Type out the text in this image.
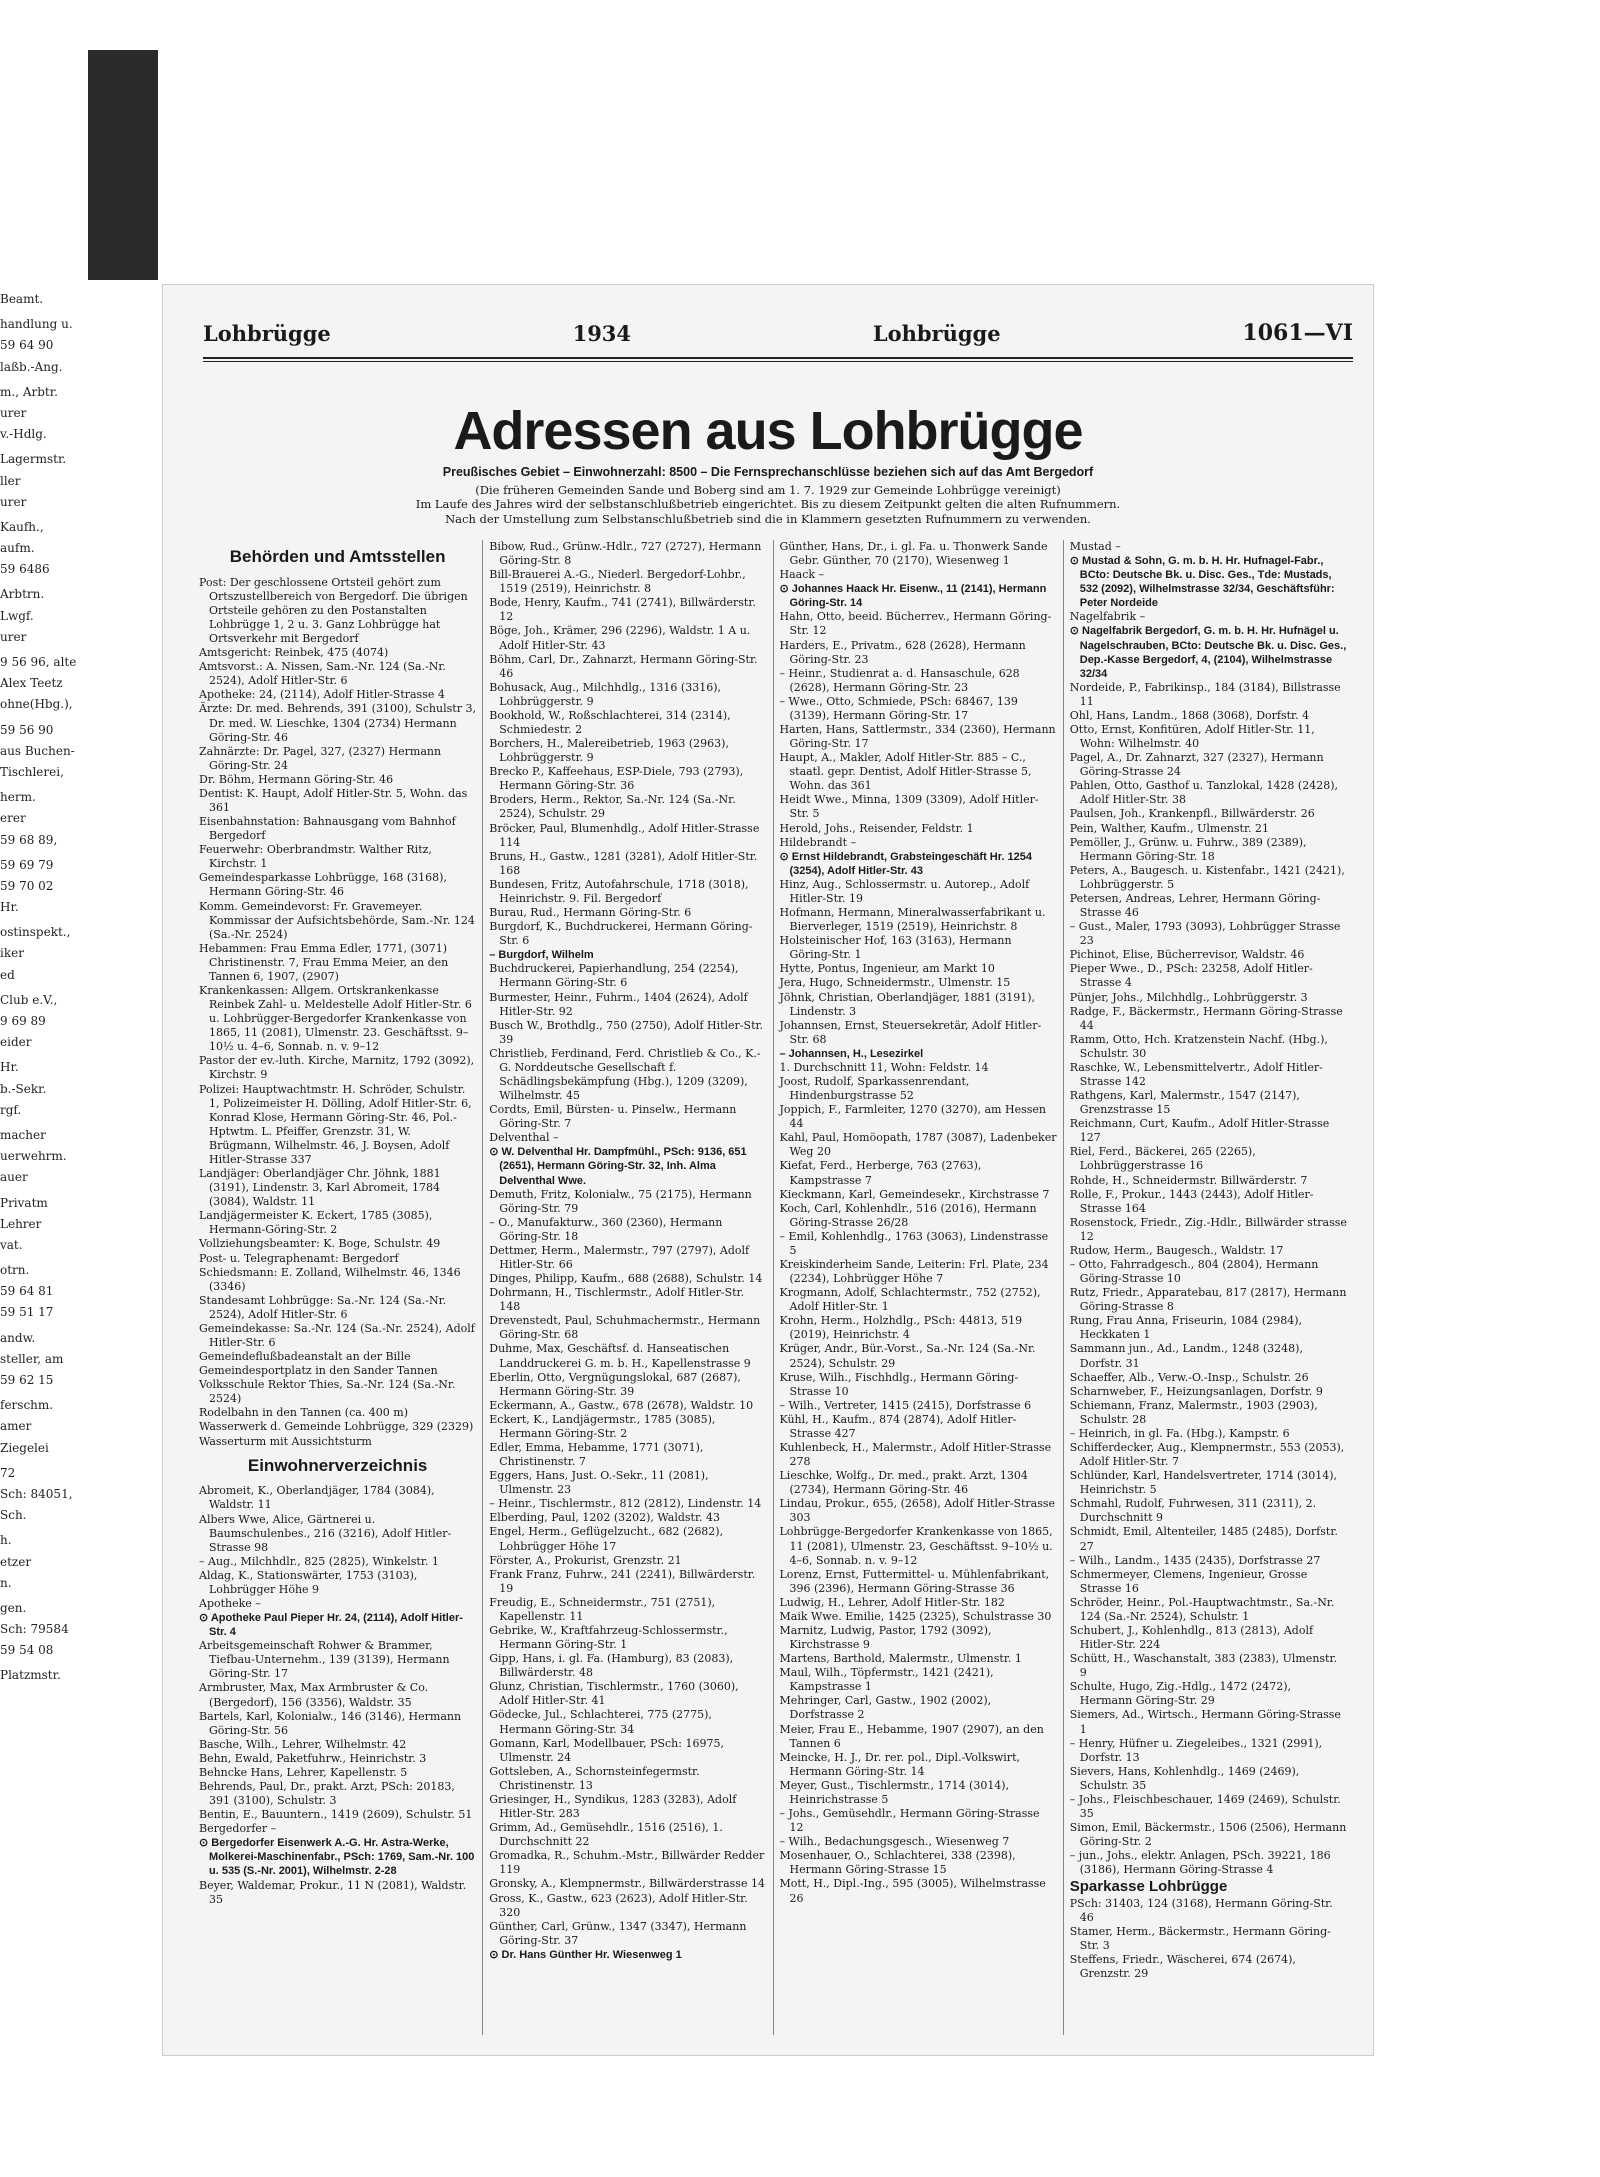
Beamt.
handlung u.
59 64 90
laßb.-Ang.
m., Arbtr.
urer
v.-Hdlg.
Lagermstr.
ller
urer
Kaufh.,
aufm.
59 6486
Arbtrn.
Lwgf.
urer
9 56 96, alte
Alex Teetz
ohne(Hbg.),
59 56 90
aus Buchen-
Tischlerei,
herm.
erer
59 68 89,
59 69 79
59 70 02
Hr.
ostinspekt.,
iker
ed
Club e.V.,
9 69 89
eider
Hr.
b.-Sekr.
rgf.
macher
uerwehrm.
auer
Privatm
Lehrer
vat.
otrn.
59 64 81
59 51 17
andw.
steller, am
59 62 15
ferschm.
amer
Ziegelei
72
Sch: 84051,
Sch.
h.
etzer
n.
gen.
Sch: 79584
59 54 08
Platzmstr.
Lohbrügge	1934	Lohbrügge	1061—VI
Adressen aus Lohbrügge
Preußisches Gebiet – Einwohnerzahl: 8500 – Die Fernsprechanschlüsse beziehen sich auf das Amt Bergedorf
(Die früheren Gemeinden Sande und Boberg sind am 1. 7. 1929 zur Gemeinde Lohbrügge vereinigt)
Im Laufe des Jahres wird der selbstanschlußbetrieb eingerichtet. Bis zu diesem Zeitpunkt gelten die alten Rufnummern.
Nach der Umstellung zum Selbstanschlußbetrieb sind die in Klammern gesetzten Rufnummern zu verwenden.
Behörden und Amtsstellen

Post: Der geschlossene Ortsteil gehört zum Ortszustellbereich von Bergedorf. Die übrigen Ortsteile gehören zu den Postanstalten Lohbrügge 1, 2 u. 3. Ganz Lohbrügge hat Ortsverkehr mit Bergedorf

Amtsgericht: Reinbek, 475 (4074)

Amtsvorst.: A. Nissen, Sam.-Nr. 124 (Sa.-Nr. 2524), Adolf Hitler-Str. 6

Apotheke: 24, (2114), Adolf Hitler-Strasse 4

Ärzte: Dr. med. Behrends, 391 (3100), Schulstr 3, Dr. med. W. Lieschke, 1304 (2734) Hermann Göring-Str. 46

Zahnärzte: Dr. Pagel, 327, (2327) Hermann Göring-Str. 24

Dr. Böhm, Hermann Göring-Str. 46

Dentist: K. Haupt, Adolf Hitler-Str. 5, Wohn. das 361

Eisenbahnstation: Bahnausgang vom Bahnhof Bergedorf

Feuerwehr: Oberbrandmstr. Walther Ritz, Kirchstr. 1

Gemeindesparkasse Lohbrügge, 168 (3168), Hermann Göring-Str. 46

Komm. Gemeindevorst: Fr. Gravemeyer. Kommissar der Aufsichtsbehörde, Sam.-Nr. 124 (Sa.-Nr. 2524)

Hebammen: Frau Emma Edler, 1771, (3071) Christinenstr. 7, Frau Emma Meier, an den Tannen 6, 1907, (2907)

Krankenkassen: Allgem. Ortskrankenkasse Reinbek Zahl- u. Meldestelle Adolf Hitler-Str. 6 u. Lohbrügger-Bergedorfer Krankenkasse von 1865, 11 (2081), Ulmenstr. 23. Geschäftsst. 9–10½ u. 4–6, Sonnab. n. v. 9–12

Pastor der ev.-luth. Kirche, Marnitz, 1792 (3092), Kirchstr. 9

Polizei: Hauptwachtmstr. H. Schröder, Schulstr. 1, Polizeimeister H. Dölling, Adolf Hitler-Str. 6, Konrad Klose, Hermann Göring-Str. 46, Pol.-Hptwtm. L. Pfeiffer, Grenzstr. 31, W. Brügmann, Wilhelmstr. 46, J. Boysen, Adolf Hitler-Strasse 337

Landjäger: Oberlandjäger Chr. Jöhnk, 1881 (3191), Lindenstr. 3, Karl Abromeit, 1784 (3084), Waldstr. 11

Landjägermeister K. Eckert, 1785 (3085), Hermann-Göring-Str. 2

Vollziehungsbeamter: K. Boge, Schulstr. 49

Post- u. Telegraphenamt: Bergedorf

Schiedsmann: E. Zolland, Wilhelmstr. 46, 1346 (3346)

Standesamt Lohbrügge: Sa.-Nr. 124 (Sa.-Nr. 2524), Adolf Hitler-Str. 6

Gemeindekasse: Sa.-Nr. 124 (Sa.-Nr. 2524), Adolf Hitler-Str. 6

Gemeindeflußbadeanstalt an der Bille

Gemeindesportplatz in den Sander Tannen

Volksschule Rektor Thies, Sa.-Nr. 124 (Sa.-Nr. 2524)

Rodelbahn in den Tannen (ca. 400 m)

Wasserwerk d. Gemeinde Lohbrügge, 329 (2329)

Wasserturm mit Aussichtsturm

Einwohnerverzeichnis

Abromeit, K., Oberlandjäger, 1784 (3084), Waldstr. 11

Albers Wwe, Alice, Gärtnerei u. Baumschulenbes., 216 (3216), Adolf Hitler-Strasse 98

– Aug., Milchhdlr., 825 (2825), Winkelstr. 1

Aldag, K., Stationswärter, 1753 (3103), Lohbrügger Höhe 9

Apotheke –

⊙ Apotheke Paul Pieper Hr. 24, (2114), Adolf Hitler-Str. 4

Arbeitsgemeinschaft Rohwer & Brammer, Tiefbau-Unternehm., 139 (3139), Hermann Göring-Str. 17

Armbruster, Max, Max Armbruster & Co. (Bergedorf), 156 (3356), Waldstr. 35

Bartels, Karl, Kolonialw., 146 (3146), Hermann Göring-Str. 56

Basche, Wilh., Lehrer, Wilhelmstr. 42

Behn, Ewald, Paketfuhrw., Heinrichstr. 3

Behncke Hans, Lehrer, Kapellenstr. 5

Behrends, Paul, Dr., prakt. Arzt, PSch: 20183, 391 (3100), Schulstr. 3

Bentin, E., Bauuntern., 1419 (2609), Schulstr. 51

Bergedorfer –

⊙ Bergedorfer Eisenwerk A.-G. Hr. Astra-Werke, Molkerei-Maschinenfabr., PSch: 1769, Sam.-Nr. 100 u. 535 (S.-Nr. 2001), Wilhelmstr. 2-28

Beyer, Waldemar, Prokur., 11 N (2081), Waldstr. 35

Bibow, Rud., Grünw.-Hdlr., 727 (2727), Hermann Göring-Str. 8

Bill-Brauerei A.-G., Niederl. Bergedorf-Lohbr., 1519 (2519), Heinrichstr. 8

Bode, Henry, Kaufm., 741 (2741), Billwärderstr. 12

Böge, Joh., Krämer, 296 (2296), Waldstr. 1 A u. Adolf Hitler-Str. 43

Böhm, Carl, Dr., Zahnarzt, Hermann Göring-Str. 46

Bohusack, Aug., Milchhdlg., 1316 (3316), Lohbrüggerstr. 9

Bookhold, W., Roßschlachterei, 314 (2314), Schmiedestr. 2

Borchers, H., Malereibetrieb, 1963 (2963), Lohbrüggerstr. 9

Brecko P., Kaffeehaus, ESP-Diele, 793 (2793), Hermann Göring-Str. 36

Broders, Herm., Rektor, Sa.-Nr. 124 (Sa.-Nr. 2524), Schulstr. 29

Bröcker, Paul, Blumenhdlg., Adolf Hitler-Strasse 114

Bruns, H., Gastw., 1281 (3281), Adolf Hitler-Str. 168

Bundesen, Fritz, Autofahrschule, 1718 (3018), Heinrichstr. 9. Fil. Bergedorf

Burau, Rud., Hermann Göring-Str. 6

Burgdorf, K., Buchdruckerei, Hermann Göring-Str. 6

– Burgdorf, Wilhelm

Buchdruckerei, Papierhandlung, 254 (2254), Hermann Göring-Str. 6

Burmester, Heinr., Fuhrm., 1404 (2624), Adolf Hitler-Str. 92

Busch W., Brothdlg., 750 (2750), Adolf Hitler-Str. 39

Christlieb, Ferdinand, Ferd. Christlieb & Co., K.-G. Norddeutsche Gesellschaft f. Schädlingsbekämpfung (Hbg.), 1209 (3209), Wilhelmstr. 45

Cordts, Emil, Bürsten- u. Pinselw., Hermann Göring-Str. 7

Delventhal –

⊙ W. Delventhal Hr. Dampfmühl., PSch: 9136, 651 (2651), Hermann Göring-Str. 32, Inh. Alma Delventhal Wwe.

Demuth, Fritz, Kolonialw., 75 (2175), Hermann Göring-Str. 79

– O., Manufakturw., 360 (2360), Hermann Göring-Str. 18

Dettmer, Herm., Malermstr., 797 (2797), Adolf Hitler-Str. 66

Dinges, Philipp, Kaufm., 688 (2688), Schulstr. 14

Dohrmann, H., Tischlermstr., Adolf Hitler-Str. 148

Drevenstedt, Paul, Schuhmachermstr., Hermann Göring-Str. 68

Duhme, Max, Geschäftsf. d. Hanseatischen Landdruckerei G. m. b. H., Kapellenstrasse 9

Eberlin, Otto, Vergnügungslokal, 687 (2687), Hermann Göring-Str. 39

Eckermann, A., Gastw., 678 (2678), Waldstr. 10

Eckert, K., Landjägermstr., 1785 (3085), Hermann Göring-Str. 2

Edler, Emma, Hebamme, 1771 (3071), Christinenstr. 7

Eggers, Hans, Just. O.-Sekr., 11 (2081), Ulmenstr. 23

– Heinr., Tischlermstr., 812 (2812), Lindenstr. 14

Elberding, Paul, 1202 (3202), Waldstr. 43

Engel, Herm., Geflügelzucht., 682 (2682), Lohbrügger Höhe 17

Förster, A., Prokurist, Grenzstr. 21

Frank Franz, Fuhrw., 241 (2241), Billwärderstr. 19

Freudig, E., Schneidermstr., 751 (2751), Kapellenstr. 11

Gebrike, W., Kraftfahrzeug-Schlossermstr., Hermann Göring-Str. 1

Gipp, Hans, i. gl. Fa. (Hamburg), 83 (2083), Billwärderstr. 48

Glunz, Christian, Tischlermstr., 1760 (3060), Adolf Hitler-Str. 41

Gödecke, Jul., Schlachterei, 775 (2775), Hermann Göring-Str. 34

Gomann, Karl, Modellbauer, PSch: 16975, Ulmenstr. 24

Gottsleben, A., Schornsteinfegermstr. Christinenstr. 13

Griesinger, H., Syndikus, 1283 (3283), Adolf Hitler-Str. 283

Grimm, Ad., Gemüsehdlr., 1516 (2516), 1. Durchschnitt 22

Gromadka, R., Schuhm.-Mstr., Billwärder Redder 119

Gronsky, A., Klempnermstr., Billwärderstrasse 14

Gross, K., Gastw., 623 (2623), Adolf Hitler-Str. 320

Günther, Carl, Grünw., 1347 (3347), Hermann Göring-Str. 37

⊙ Dr. Hans Günther Hr. Wiesenweg 1

Günther, Hans, Dr., i. gl. Fa. u. Thonwerk Sande Gebr. Günther, 70 (2170), Wiesenweg 1

Haack –

⊙ Johannes Haack Hr. Eisenw., 11 (2141), Hermann Göring-Str. 14

Hahn, Otto, beeid. Bücherrev., Hermann Göring-Str. 12

Harders, E., Privatm., 628 (2628), Hermann Göring-Str. 23

– Heinr., Studienrat a. d. Hansaschule, 628 (2628), Hermann Göring-Str. 23

– Wwe., Otto, Schmiede, PSch: 68467, 139 (3139), Hermann Göring-Str. 17

Harten, Hans, Sattlermstr., 334 (2360), Hermann Göring-Str. 17

Haupt, A., Makler, Adolf Hitler-Str. 885 – C., staatl. gepr. Dentist, Adolf Hitler-Strasse 5, Wohn. das 361

Heidt Wwe., Minna, 1309 (3309), Adolf Hitler-Str. 5

Herold, Johs., Reisender, Feldstr. 1

Hildebrandt –

⊙ Ernst Hildebrandt, Grabsteingeschäft Hr. 1254 (3254), Adolf Hitler-Str. 43

Hinz, Aug., Schlossermstr. u. Autorep., Adolf Hitler-Str. 19

Hofmann, Hermann, Mineralwasserfabrikant u. Bierverleger, 1519 (2519), Heinrichstr. 8

Holsteinischer Hof, 163 (3163), Hermann Göring-Str. 1

Hytte, Pontus, Ingenieur, am Markt 10

Jera, Hugo, Schneidermstr., Ulmenstr. 15

Jöhnk, Christian, Oberlandjäger, 1881 (3191), Lindenstr. 3

Johannsen, Ernst, Steuersekretär, Adolf Hitler-Str. 68

– Johannsen, H., Lesezirkel

1. Durchschnitt 11, Wohn: Feldstr. 14

Joost, Rudolf, Sparkassenrendant, Hindenburgstrasse 52

Joppich, F., Farmleiter, 1270 (3270), am Hessen 44

Kahl, Paul, Homöopath, 1787 (3087), Ladenbeker Weg 20

Kiefat, Ferd., Herberge, 763 (2763), Kampstrasse 7

Kieckmann, Karl, Gemeindesekr., Kirchstrasse 7

Koch, Carl, Kohlenhdlr., 516 (2016), Hermann Göring-Strasse 26/28

– Emil, Kohlenhdlg., 1763 (3063), Lindenstrasse 5

Kreiskinderheim Sande, Leiterin: Frl. Plate, 234 (2234), Lohbrügger Höhe 7

Krogmann, Adolf, Schlachtermstr., 752 (2752), Adolf Hitler-Str. 1

Krohn, Herm., Holzhdlg., PSch: 44813, 519 (2019), Heinrichstr. 4

Krüger, Andr., Bür.-Vorst., Sa.-Nr. 124 (Sa.-Nr. 2524), Schulstr. 29

Kruse, Wilh., Fischhdlg., Hermann Göring-Strasse 10

– Wilh., Vertreter, 1415 (2415), Dorfstrasse 6

Kühl, H., Kaufm., 874 (2874), Adolf Hitler-Strasse 427

Kuhlenbeck, H., Malermstr., Adolf Hitler-Strasse 278

Lieschke, Wolfg., Dr. med., prakt. Arzt, 1304 (2734), Hermann Göring-Str. 46

Lindau, Prokur., 655, (2658), Adolf Hitler-Strasse 303

Lohbrügge-Bergedorfer Krankenkasse von 1865, 11 (2081), Ulmenstr. 23, Geschäftsst. 9–10½ u. 4–6, Sonnab. n. v. 9–12

Lorenz, Ernst, Futtermittel- u. Mühlenfabrikant, 396 (2396), Hermann Göring-Strasse 36

Ludwig, H., Lehrer, Adolf Hitler-Str. 182

Maik Wwe. Emilie, 1425 (2325), Schulstrasse 30

Marnitz, Ludwig, Pastor, 1792 (3092), Kirchstrasse 9

Martens, Barthold, Malermstr., Ulmenstr. 1

Maul, Wilh., Töpfermstr., 1421 (2421), Kampstrasse 1

Mehringer, Carl, Gastw., 1902 (2002), Dorfstrasse 2

Meier, Frau E., Hebamme, 1907 (2907), an den Tannen 6

Meincke, H. J., Dr. rer. pol., Dipl.-Volkswirt, Hermann Göring-Str. 14

Meyer, Gust., Tischlermstr., 1714 (3014), Heinrichstrasse 5

– Johs., Gemüsehdlr., Hermann Göring-Strasse 12

– Wilh., Bedachungsgesch., Wiesenweg 7

Mosenhauer, O., Schlachterei, 338 (2398), Hermann Göring-Strasse 15

Mott, H., Dipl.-Ing., 595 (3005), Wilhelmstrasse 26

Mustad –

⊙ Mustad & Sohn, G. m. b. H. Hr. Hufnagel-Fabr., BCto: Deutsche Bk. u. Disc. Ges., Tde: Mustads, 532 (2092), Wilhelmstrasse 32/34, Geschäftsführ: Peter Nordeide

Nagelfabrik –

⊙ Nagelfabrik Bergedorf, G. m. b. H. Hr. Hufnägel u. Nagelschrauben, BCto: Deutsche Bk. u. Disc. Ges., Dep.-Kasse Bergedorf, 4, (2104), Wilhelmstrasse 32/34

Nordeide, P., Fabrikinsp., 184 (3184), Billstrasse 11

Ohl, Hans, Landm., 1868 (3068), Dorfstr. 4

Otto, Ernst, Konfitüren, Adolf Hitler-Str. 11, Wohn: Wilhelmstr. 40

Pagel, A., Dr. Zahnarzt, 327 (2327), Hermann Göring-Strasse 24

Pahlen, Otto, Gasthof u. Tanzlokal, 1428 (2428), Adolf Hitler-Str. 38

Paulsen, Joh., Krankenpfl., Billwärderstr. 26

Pein, Walther, Kaufm., Ulmenstr. 21

Pemöller, J., Grünw. u. Fuhrw., 389 (2389), Hermann Göring-Str. 18

Peters, A., Baugesch. u. Kistenfabr., 1421 (2421), Lohbrüggerstr. 5

Petersen, Andreas, Lehrer, Hermann Göring-Strasse 46

– Gust., Maler, 1793 (3093), Lohbrügger Strasse 23

Pichinot, Elise, Bücherrevisor, Waldstr. 46

Pieper Wwe., D., PSch: 23258, Adolf Hitler-Strasse 4

Pünjer, Johs., Milchhdlg., Lohbrüggerstr. 3

Radge, F., Bäckermstr., Hermann Göring-Strasse 44

Ramm, Otto, Hch. Kratzenstein Nachf. (Hbg.), Schulstr. 30

Raschke, W., Lebensmittelvertr., Adolf Hitler-Strasse 142

Rathgens, Karl, Malermstr., 1547 (2147), Grenzstrasse 15

Reichmann, Curt, Kaufm., Adolf Hitler-Strasse 127

Riel, Ferd., Bäckerei, 265 (2265), Lohbrüggerstrasse 16

Rohde, H., Schneidermstr. Billwärderstr. 7

Rolle, F., Prokur., 1443 (2443), Adolf Hitler-Strasse 164

Rosenstock, Friedr., Zig.-Hdlr., Billwärder strasse 12

Rudow, Herm., Baugesch., Waldstr. 17

– Otto, Fahrradgesch., 804 (2804), Hermann Göring-Strasse 10

Rutz, Friedr., Apparatebau, 817 (2817), Hermann Göring-Strasse 8

Rung, Frau Anna, Friseurin, 1084 (2984), Heckkaten 1

Sammann jun., Ad., Landm., 1248 (3248), Dorfstr. 31

Schaeffer, Alb., Verw.-O.-Insp., Schulstr. 26

Scharnweber, F., Heizungsanlagen, Dorfstr. 9

Schiemann, Franz, Malermstr., 1903 (2903), Schulstr. 28

– Heinrich, in gl. Fa. (Hbg.), Kampstr. 6

Schifferdecker, Aug., Klempnermstr., 553 (2053), Adolf Hitler-Str. 7

Schlünder, Karl, Handelsvertreter, 1714 (3014), Heinrichstr. 5

Schmahl, Rudolf, Fuhrwesen, 311 (2311), 2. Durchschnitt 9

Schmidt, Emil, Altenteiler, 1485 (2485), Dorfstr. 27

– Wilh., Landm., 1435 (2435), Dorfstrasse 27

Schmermeyer, Clemens, Ingenieur, Grosse Strasse 16

Schröder, Heinr., Pol.-Hauptwachtmstr., Sa.-Nr. 124 (Sa.-Nr. 2524), Schulstr. 1

Schubert, J., Kohlenhdlg., 813 (2813), Adolf Hitler-Str. 224

Schütt, H., Waschanstalt, 383 (2383), Ulmenstr. 9

Schulte, Hugo, Zig.-Hdlg., 1472 (2472), Hermann Göring-Str. 29

Siemers, Ad., Wirtsch., Hermann Göring-Strasse 1

– Henry, Hüfner u. Ziegeleibes., 1321 (2991), Dorfstr. 13

Sievers, Hans, Kohlenhdlg., 1469 (2469), Schulstr. 35

– Johs., Fleischbeschauer, 1469 (2469), Schulstr. 35

Simon, Emil, Bäckermstr., 1506 (2506), Hermann Göring-Str. 2

– jun., Johs., elektr. Anlagen, PSch. 39221, 186 (3186), Hermann Göring-Strasse 4

Sparkasse Lohbrügge

PSch: 31403, 124 (3168), Hermann Göring-Str. 46

Stamer, Herm., Bäckermstr., Hermann Göring-Str. 3

Steffens, Friedr., Wäscherei, 674 (2674), Grenzstr. 29
